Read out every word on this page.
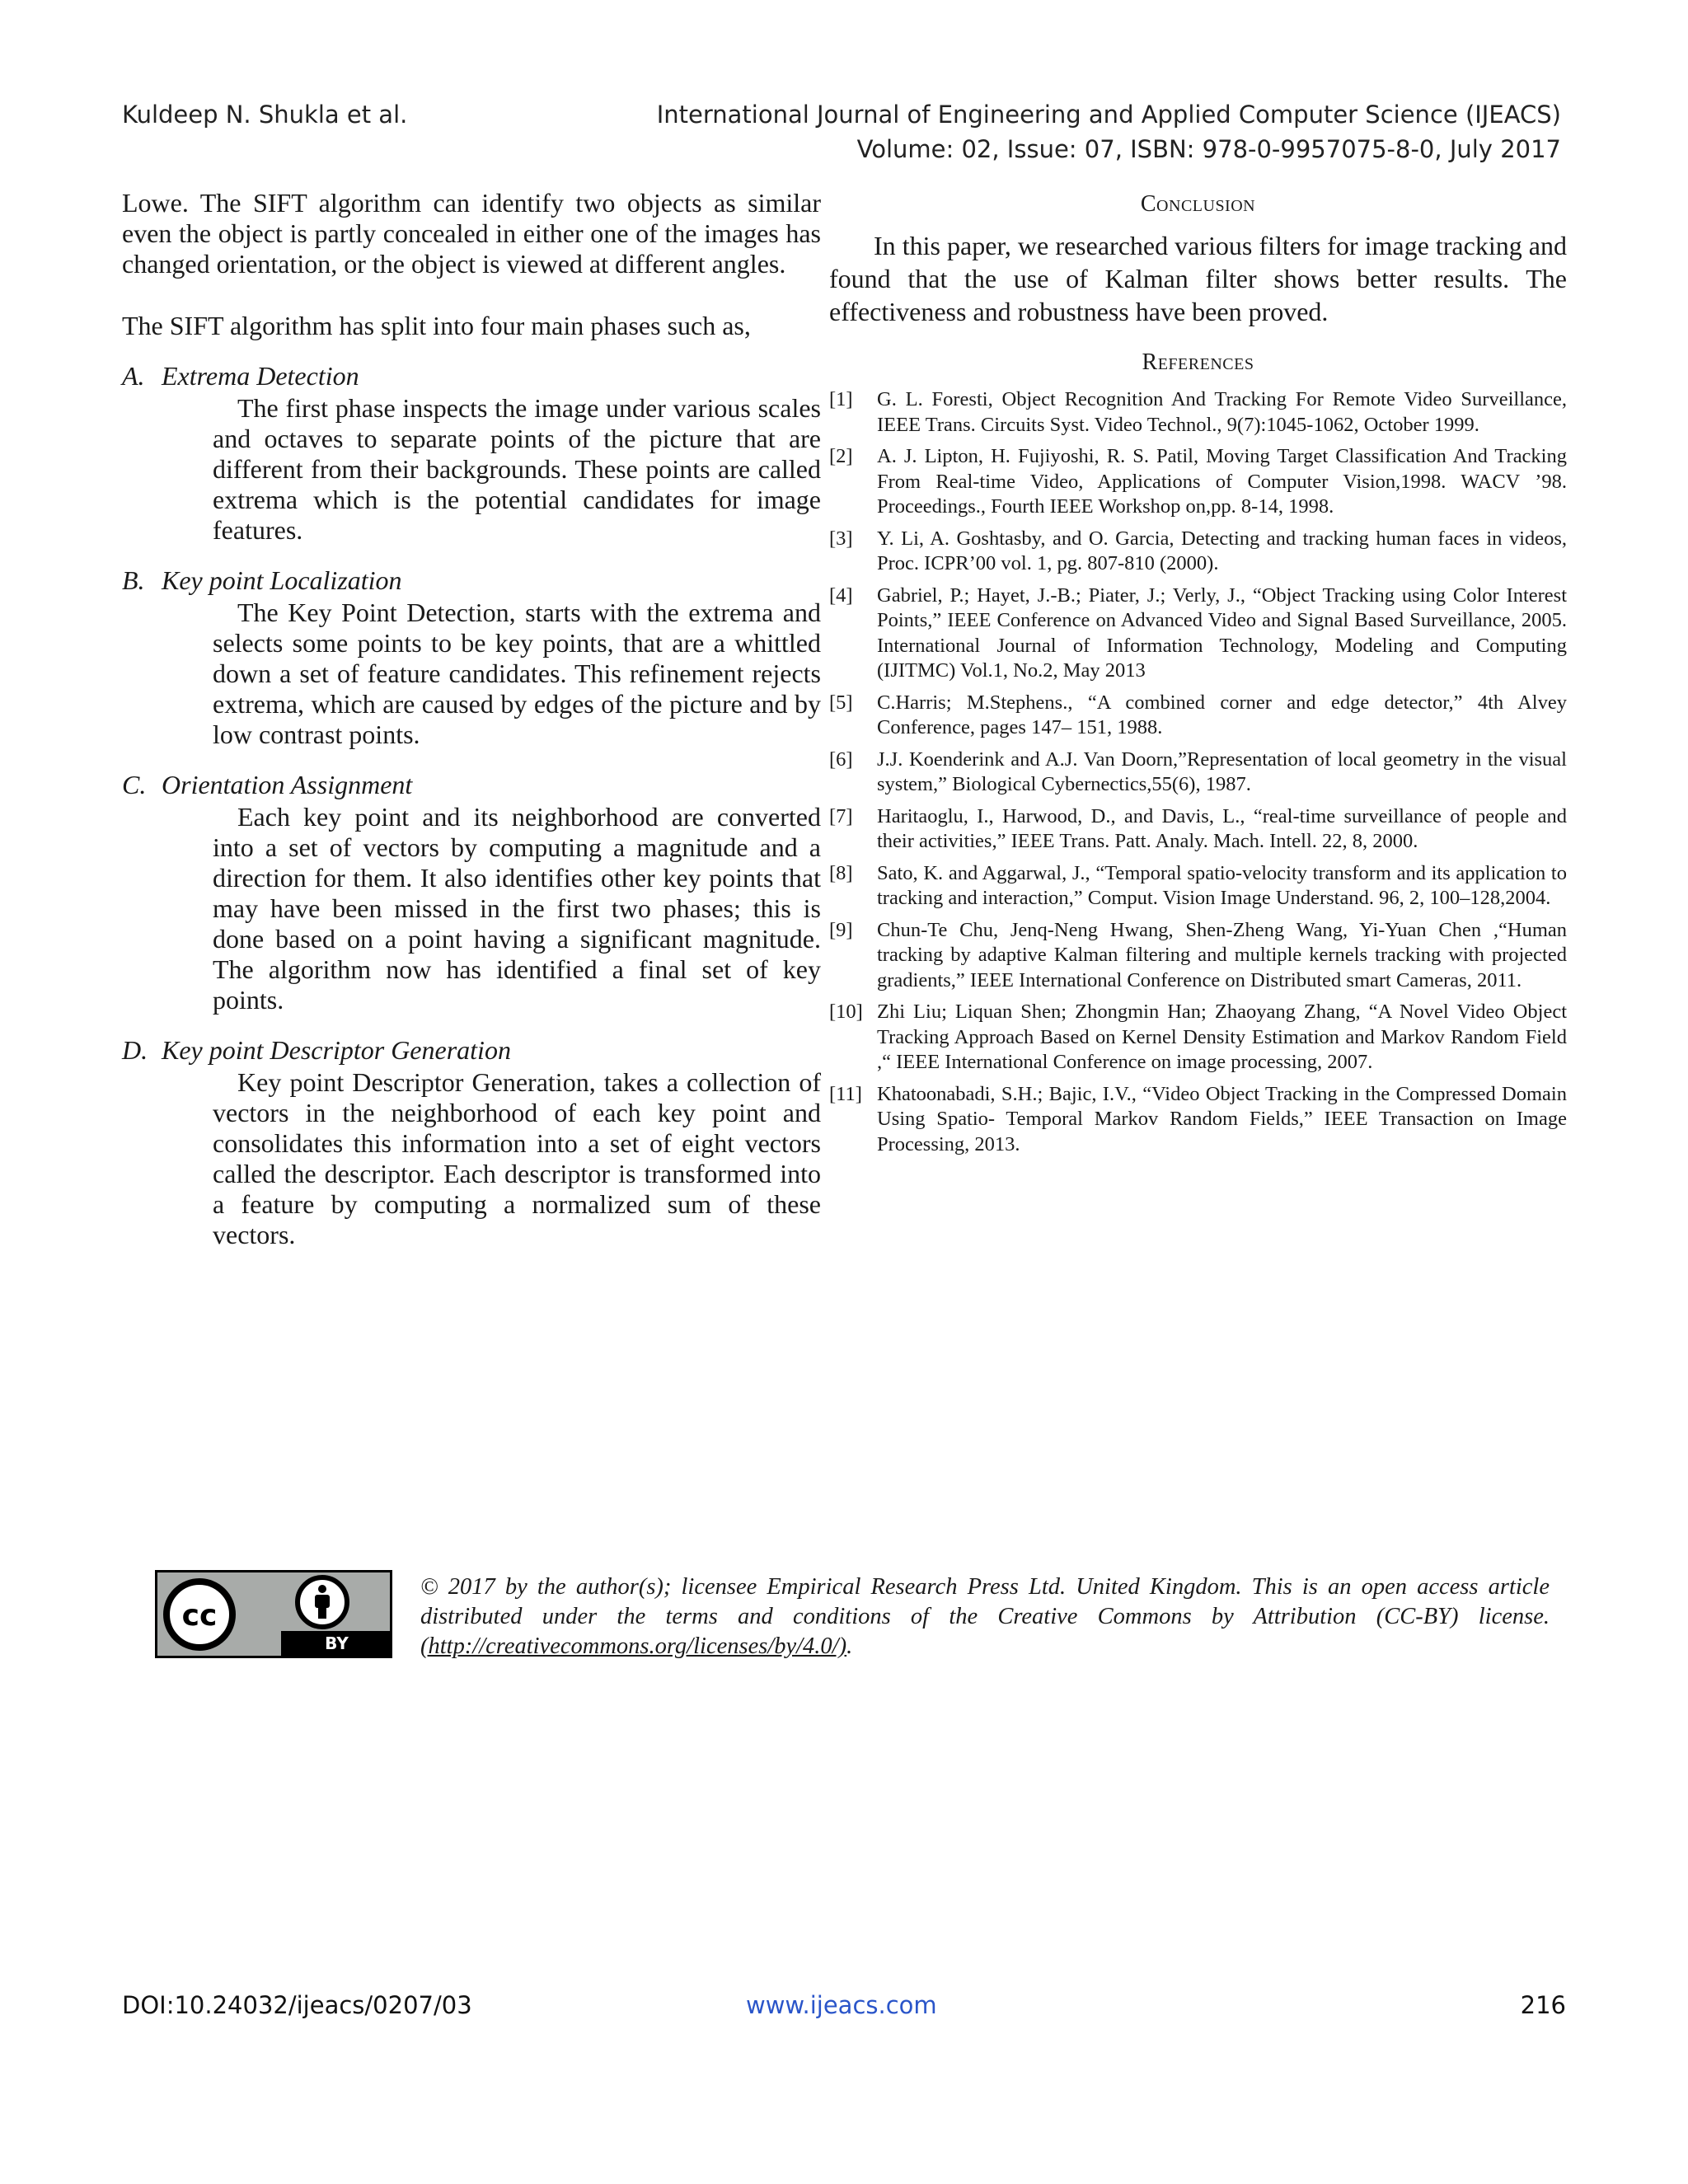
Kuldeep N. Shukla et al.	International Journal of Engineering and Applied Computer Science (IJEACS)
Volume: 02, Issue: 07, ISBN: 978-0-9957075-8-0, July 2017

Lowe. The SIFT algorithm can identify two objects as similar even the object is partly concealed in either one of the images has changed orientation, or the object is viewed at different angles.

The SIFT algorithm has split into four main phases such as,

A. Extrema Detection
The first phase inspects the image under various scales and octaves to separate points of the picture that are different from their backgrounds. These points are called extrema which is the potential candidates for image features.
B. Key point Localization
The Key Point Detection, starts with the extrema and selects some points to be key points, that are a whittled down a set of feature candidates. This refinement rejects extrema, which are caused by edges of the picture and by low contrast points.
C. Orientation Assignment
Each key point and its neighborhood are converted into a set of vectors by computing a magnitude and a direction for them. It also identifies other key points that may have been missed in the first two phases; this is done based on a point having a significant magnitude. The algorithm now has identified a final set of key points.
D. Key point Descriptor Generation
Key point Descriptor Generation, takes a collection of vectors in the neighborhood of each key point and consolidates this information into a set of eight vectors called the descriptor. Each descriptor is transformed into a feature by computing a normalized sum of these vectors.
Conclusion

In this paper, we researched various filters for image tracking and found that the use of Kalman filter shows better results. The effectiveness and robustness have been proved.

References
[1]	G. L. Foresti, Object Recognition And Tracking For Remote Video Surveillance, IEEE Trans. Circuits Syst. Video Technol., 9(7):1045-1062, October 1999.
[2]	A. J. Lipton, H. Fujiyoshi, R. S. Patil, Moving Target Classification And Tracking From Real-time Video, Applications of Computer Vision,1998. WACV ’98. Proceedings., Fourth IEEE Workshop on,pp. 8-14, 1998.
[3]	Y. Li, A. Goshtasby, and O. Garcia, Detecting and tracking human faces in videos, Proc. ICPR’00 vol. 1, pg. 807-810 (2000).
[4]	Gabriel, P.; Hayet, J.-B.; Piater, J.; Verly, J., “Object Tracking using Color Interest Points,” IEEE Conference on Advanced Video and Signal Based Surveillance, 2005. International Journal of Information Technology, Modeling and Computing (IJITMC) Vol.1, No.2, May 2013
[5]	C.Harris; M.Stephens., “A combined corner and edge detector,” 4th Alvey Conference, pages 147– 151, 1988.
[6]	J.J. Koenderink and A.J. Van Doorn,”Representation of local geometry in the visual system,” Biological Cybernectics,55(6), 1987.
[7]	Haritaoglu, I., Harwood, D., and Davis, L., “real-time surveillance of people and their activities,” IEEE Trans. Patt. Analy. Mach. Intell. 22, 8, 2000.
[8]	Sato, K. and Aggarwal, J., “Temporal spatio-velocity transform and its application to tracking and interaction,” Comput. Vision Image Understand. 96, 2, 100–128,2004.
[9]	Chun-Te Chu, Jenq-Neng Hwang, Shen-Zheng Wang, Yi-Yuan Chen ,“Human tracking by adaptive Kalman filtering and multiple kernels tracking with projected gradients,” IEEE International Conference on Distributed smart Cameras, 2011.
[10] Zhi Liu; Liquan Shen; Zhongmin Han; Zhaoyang Zhang, “A Novel Video Object Tracking Approach Based on Kernel Density Estimation and Markov Random Field ,“ IEEE International Conference on image processing, 2007.
[11] Khatoonabadi, S.H.; Bajic, I.V., “Video Object Tracking in the Compressed Domain Using Spatio- Temporal Markov Random Fields,” IEEE Transaction on Image Processing, 2013.
cc
BY
© 2017 by the author(s); licensee Empirical Research Press Ltd. United Kingdom. This is an open access article distributed under the terms and conditions of the Creative Commons by Attribution (CC-BY) license. (http://creativecommons.org/licenses/by/4.0/).
DOI:10.24032/ijeacs/0207/03	www.ijeacs.com	216
